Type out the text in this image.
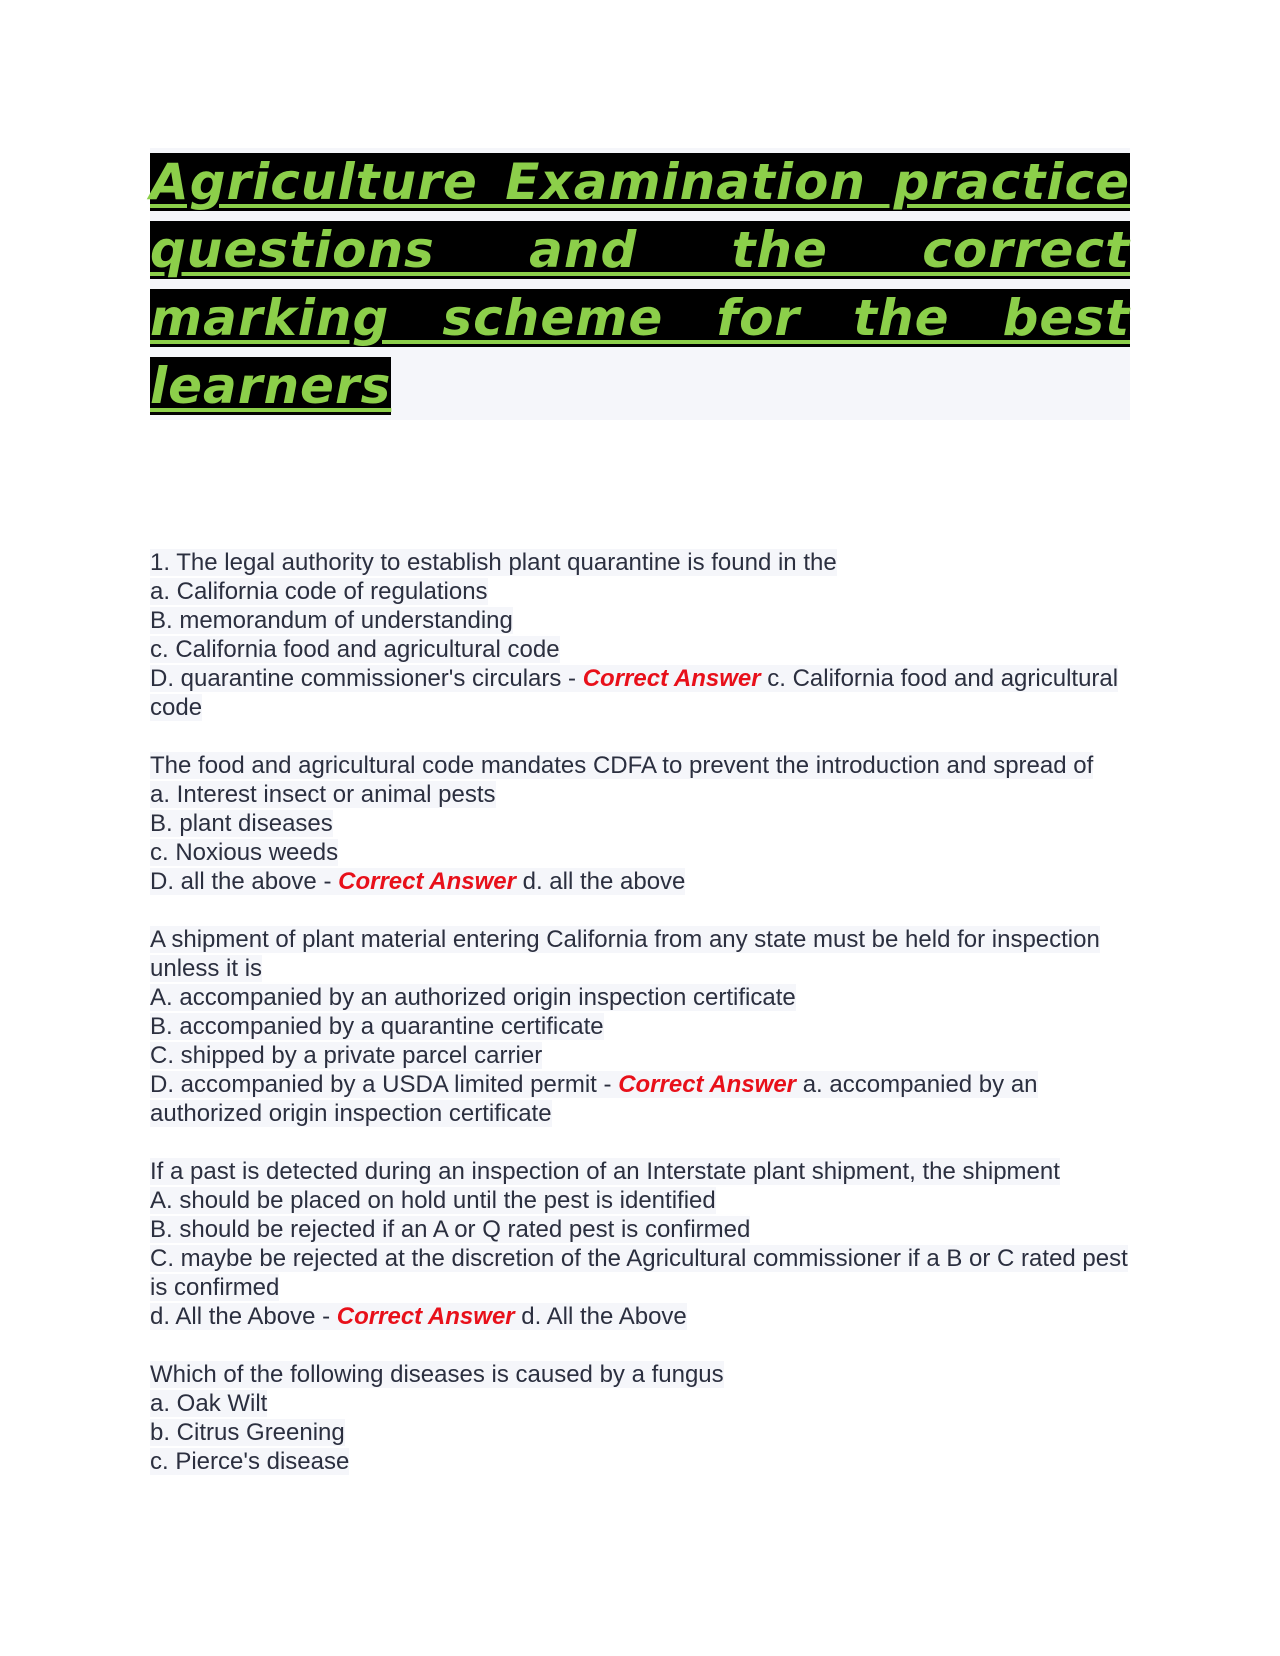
Agriculture Examination practice questions and the correct marking scheme for the best learners
1. The legal authority to establish plant quarantine is found in the
a. California code of regulations
B. memorandum of understanding
c. California food and agricultural code
D. quarantine commissioner's circulars - Correct Answer c. California food and agricultural code
The food and agricultural code mandates CDFA to prevent the introduction and spread of
a. Interest insect or animal pests
B. plant diseases
c. Noxious weeds
D. all the above - Correct Answer d. all the above
A shipment of plant material entering California from any state must be held for inspection unless it is
A. accompanied by an authorized origin inspection certificate
B. accompanied by a quarantine certificate
C. shipped by a private parcel carrier
D. accompanied by a USDA limited permit - Correct Answer a. accompanied by an authorized origin inspection certificate
If a past is detected during an inspection of an Interstate plant shipment, the shipment
A. should be placed on hold until the pest is identified
B. should be rejected if an A or Q rated pest is confirmed
C. maybe be rejected at the discretion of the Agricultural commissioner if a B or C rated pest is confirmed
d. All the Above - Correct Answer d. All the Above
Which of the following diseases is caused by a fungus
a. Oak Wilt
b. Citrus Greening
c. Pierce's disease
